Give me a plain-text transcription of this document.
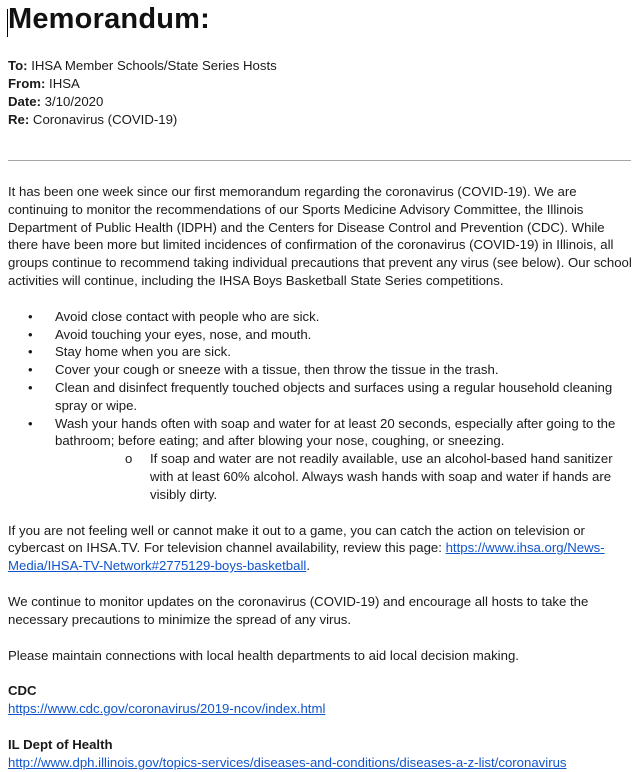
Memorandum:
To: IHSA Member Schools/State Series Hosts
From: IHSA
Date: 3/10/2020
Re: Coronavirus (COVID-19)

It has been one week since our first memorandum regarding the coronavirus (COVID-19). We are continuing to monitor the recommendations of our Sports Medicine Advisory Committee, the Illinois Department of Public Health (IDPH) and the Centers for Disease Control and Prevention (CDC). While there have been more but limited incidences of confirmation of the coronavirus (COVID-19) in Illinois, all groups continue to recommend taking individual precautions that prevent any virus (see below). Our school activities will continue, including the IHSA Boys Basketball State Series competitions.

• Avoid close contact with people who are sick.
• Avoid touching your eyes, nose, and mouth.
• Stay home when you are sick.
• Cover your cough or sneeze with a tissue, then throw the tissue in the trash.
• Clean and disinfect frequently touched objects and surfaces using a regular household cleaning spray or wipe.
• Wash your hands often with soap and water for at least 20 seconds, especially after going to the bathroom; before eating; and after blowing your nose, coughing, or sneezing.
o If soap and water are not readily available, use an alcohol-based hand sanitizer with at least 60% alcohol. Always wash hands with soap and water if hands are visibly dirty.

If you are not feeling well or cannot make it out to a game, you can catch the action on television or cybercast on IHSA.TV. For television channel availability, review this page: https://www.ihsa.org/News-Media/IHSA-TV-Network#2775129-boys-basketball.

We continue to monitor updates on the coronavirus (COVID-19) and encourage all hosts to take the necessary precautions to minimize the spread of any virus.

Please maintain connections with local health departments to aid local decision making.

CDC

https://www.cdc.gov/coronavirus/2019-ncov/index.html

IL Dept of Health

http://www.dph.illinois.gov/topics-services/diseases-and-conditions/diseases-a-z-list/coronavirus
